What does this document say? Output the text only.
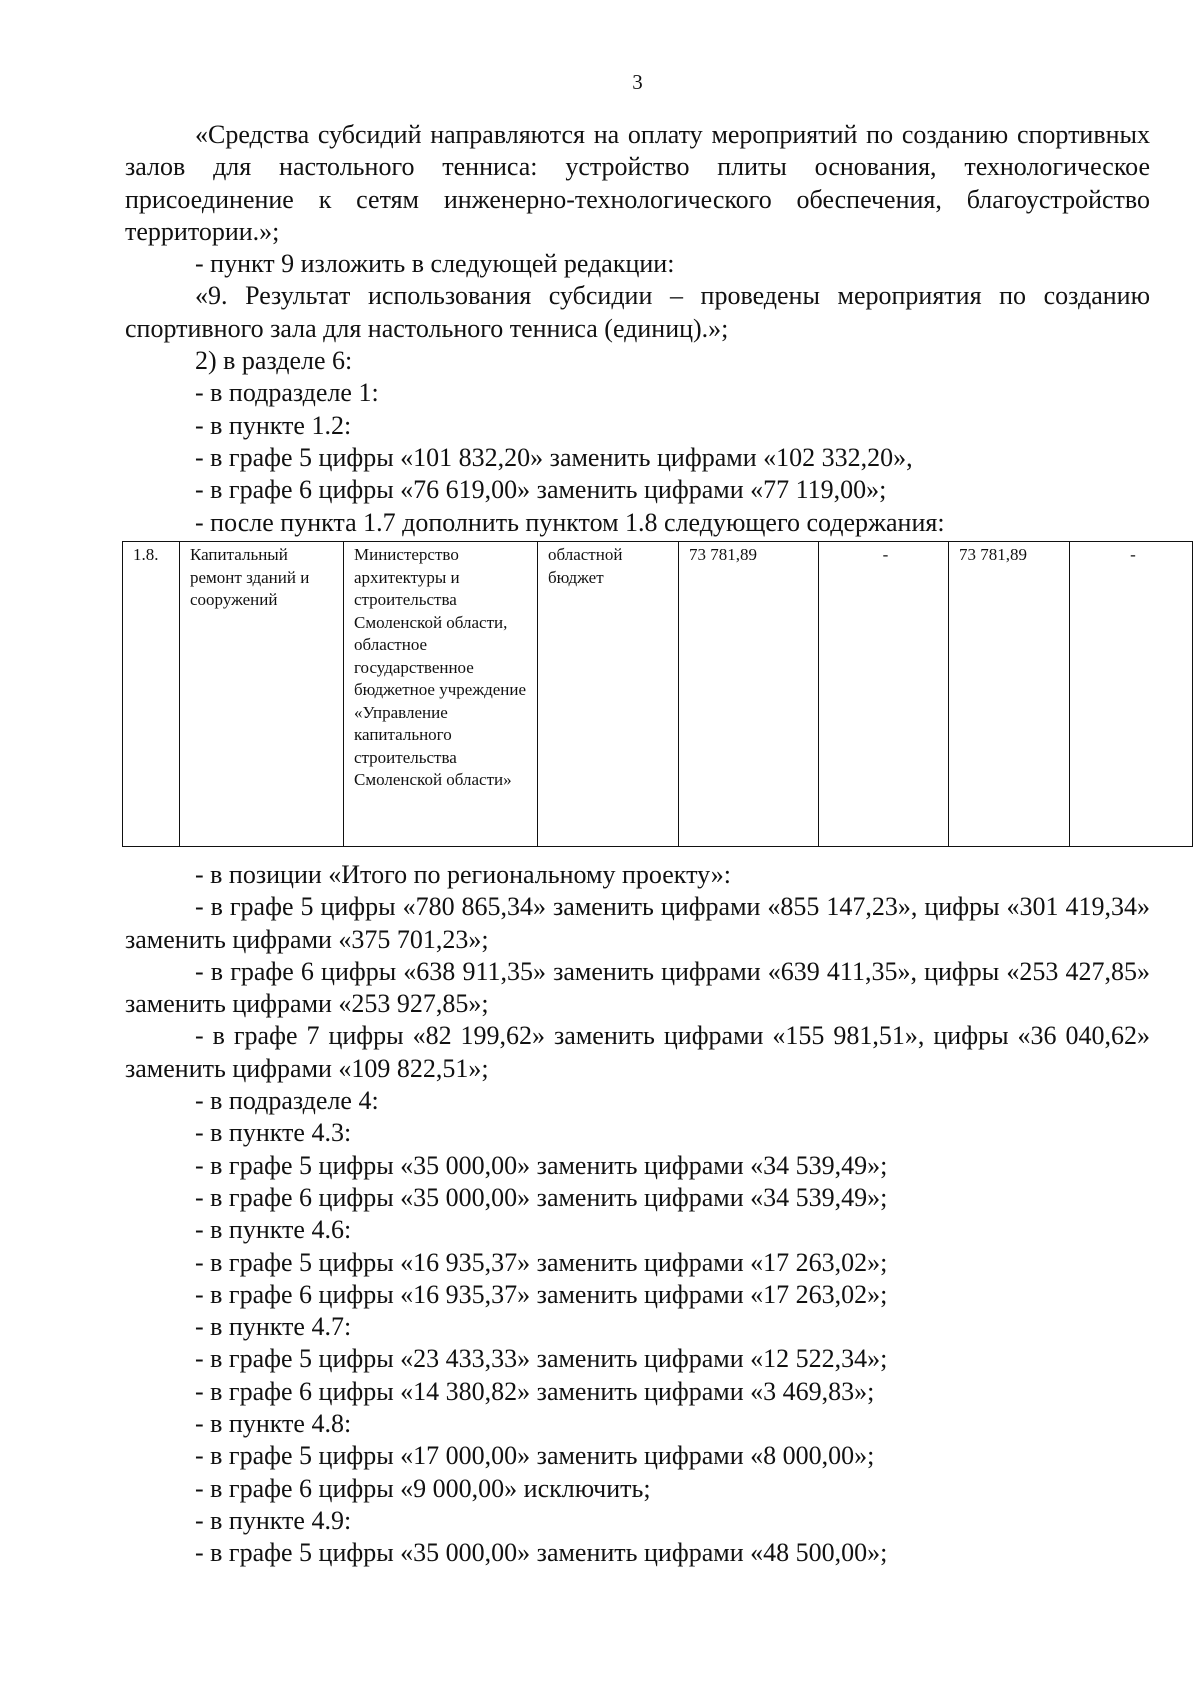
3

«Средства субсидий направляются на оплату мероприятий по созданию спортивных залов для настольного тенниса: устройство плиты основания, технологическое присоединение к сетям инженерно-технологического обеспечения, благоустройство территории.»;

- пункт 9 изложить в следующей редакции:

«9. Результат использования субсидии – проведены мероприятия по созданию спортивного зала для настольного тенниса (единиц).»;

2) в разделе 6:

- в подразделе 1:

- в пункте 1.2:

- в графе 5 цифры «101 832,20» заменить цифрами «102 332,20»,

- в графе 6 цифры «76 619,00» заменить цифрами «77 119,00»;

- после пункта 1.7 дополнить пунктом 1.8 следующего содержания:

1.8.	Капитальный ремонт зданий и сооружений	Министерство архитектуры и строительства Смоленской области, областное государственное бюджетное учреждение «Управление капитального строительства Смоленской области»	областной бюджет	73 781,89	-	73 781,89	-

- в позиции «Итого по региональному проекту»:

- в графе 5 цифры «780 865,34» заменить цифрами «855 147,23», цифры «301 419,34» заменить цифрами «375 701,23»;

- в графе 6 цифры «638 911,35» заменить цифрами «639 411,35», цифры «253 427,85» заменить цифрами «253 927,85»;

- в графе 7 цифры «82 199,62» заменить цифрами «155 981,51», цифры «36 040,62» заменить цифрами «109 822,51»;

- в подразделе 4:

- в пункте 4.3:

- в графе 5 цифры «35 000,00» заменить цифрами «34 539,49»;

- в графе 6 цифры «35 000,00» заменить цифрами «34 539,49»;

- в пункте 4.6:

- в графе 5 цифры «16 935,37» заменить цифрами «17 263,02»;

- в графе 6 цифры «16 935,37» заменить цифрами «17 263,02»;

- в пункте 4.7:

- в графе 5 цифры «23 433,33» заменить цифрами «12 522,34»;

- в графе 6 цифры «14 380,82» заменить цифрами «3 469,83»;

- в пункте 4.8:

- в графе 5 цифры «17 000,00» заменить цифрами «8 000,00»;

- в графе 6 цифры «9 000,00» исключить;

- в пункте 4.9:

- в графе 5 цифры «35 000,00» заменить цифрами «48 500,00»;
